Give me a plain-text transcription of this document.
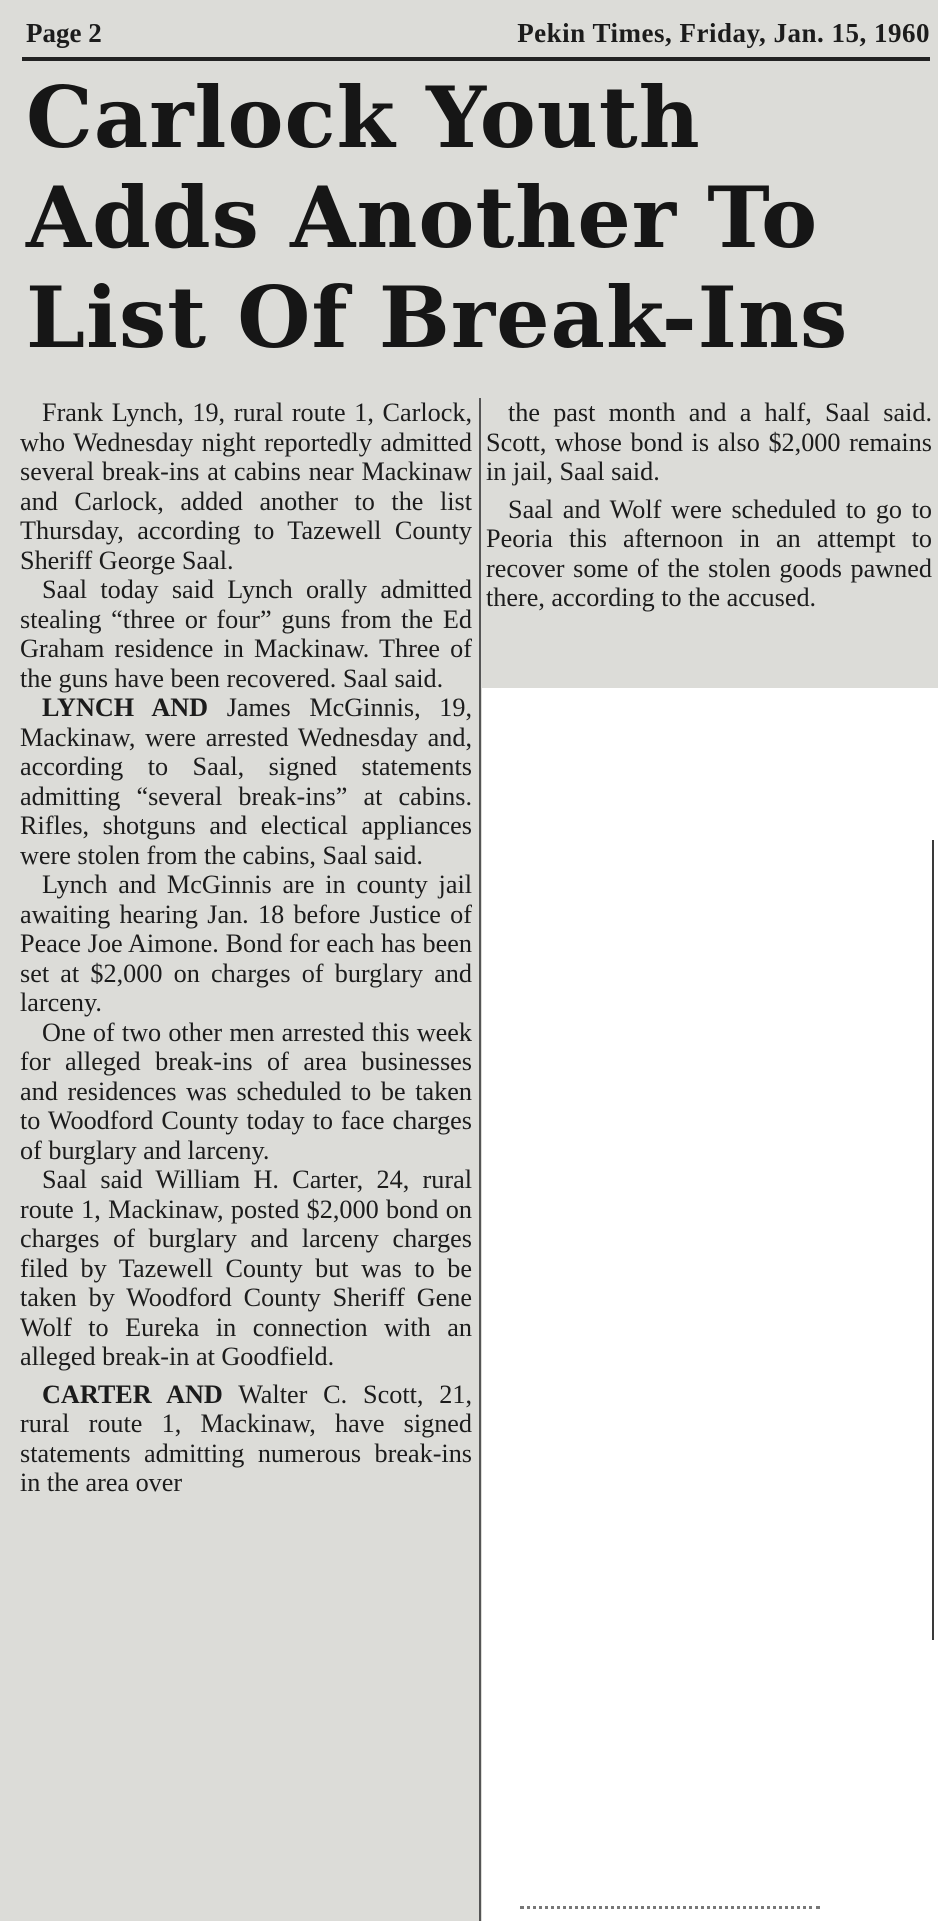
Page 2	Pekin Times, Friday, Jan. 15, 1960
Carlock Youth
Adds Another To
List Of Break-Ins

Frank Lynch, 19, rural route 1, Carlock, who Wednesday night reportedly admitted several break-ins at cabins near Mackinaw and Carlock, added another to the list Thursday, according to Tazewell County Sheriff George Saal.

Saal today said Lynch orally admitted stealing “three or four” guns from the Ed Graham residence in Mackinaw. Three of the guns have been recovered. Saal said.

LYNCH AND James McGinnis, 19, Mackinaw, were arrested Wednesday and, according to Saal, signed statements admitting “several break-ins” at cabins. Rifles, shotguns and electical appliances were stolen from the cabins, Saal said.

Lynch and McGinnis are in county jail awaiting hearing Jan. 18 before Justice of Peace Joe Aimone. Bond for each has been set at $2,000 on charges of burglary and larceny.

One of two other men arrested this week for alleged break-ins of area businesses and residences was scheduled to be taken to Woodford County today to face charges of burglary and larceny.

Saal said William H. Carter, 24, rural route 1, Mackinaw, posted $2,000 bond on charges of burglary and larceny charges filed by Tazewell County but was to be taken by Woodford County Sheriff Gene Wolf to Eureka in connection with an alleged break-in at Goodfield.

CARTER AND Walter C. Scott, 21, rural route 1, Mackinaw, have signed statements admitting numerous break-ins in the area over

the past month and a half, Saal said. Scott, whose bond is also $2,000 remains in jail, Saal said.

Saal and Wolf were scheduled to go to Peoria this afternoon in an attempt to recover some of the stolen goods pawned there, according to the accused.
